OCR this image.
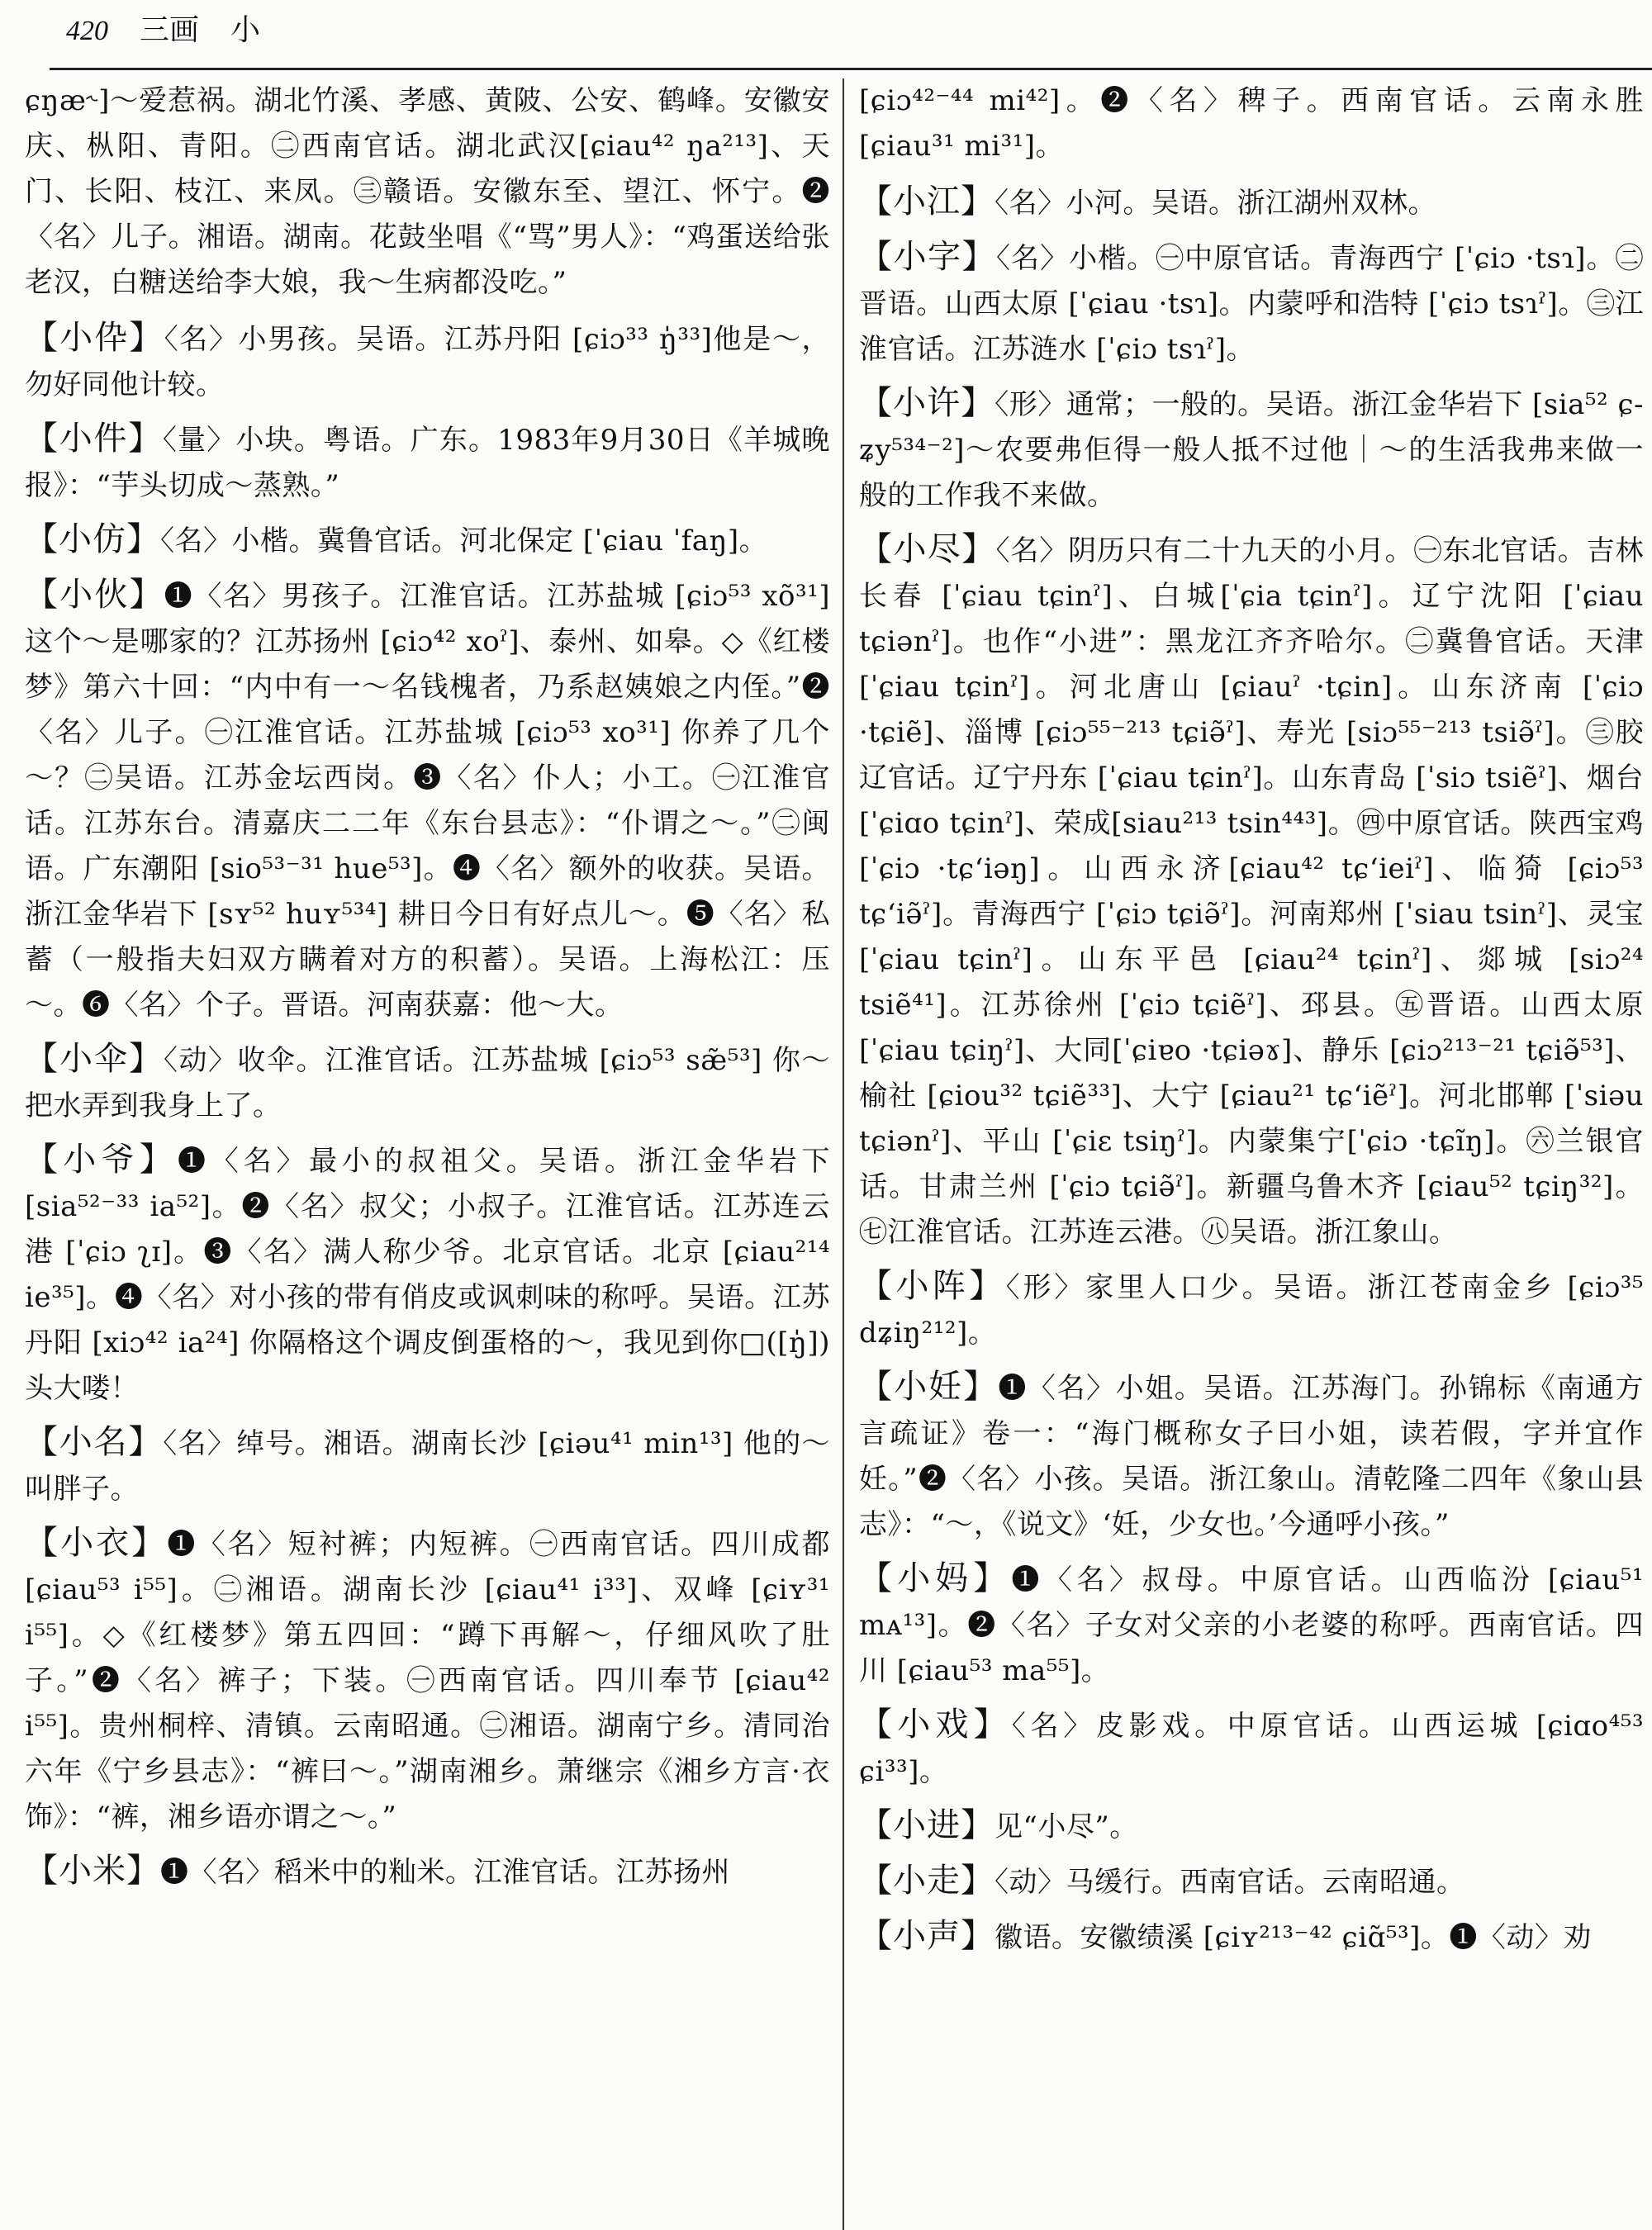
420 三画 小
ɕŋæ˞]～爱惹祸。湖北竹溪、孝感、黄陂、公安、鹤峰。安徽安庆、枞阳、青阳。㊁西南官话。湖北武汉[ɕiau⁴² ŋa²¹³]、天门、长阳、枝江、来凤。㊂赣语。安徽东至、望江、怀宁。❷〈名〉儿子。湘语。湖南。花鼓坐唱《“骂”男人》：“鸡蛋送给张老汉，白糖送给李大娘，我～生病都没吃。”
【小伜】〈名〉小男孩。吴语。江苏丹阳 [ɕiɔ³³ ŋ̍³³]他是～，勿好同他计较。
【小件】〈量〉小块。粤语。广东。1983年9月30日《羊城晚报》：“芋头切成～蒸熟。”
【小仿】〈名〉小楷。冀鲁官话。河北保定 [ˈɕiau ˈfaŋ]。
【小伙】❶〈名〉男孩子。江淮官话。江苏盐城 [ɕiɔ⁵³ xõ³¹] 这个～是哪家的？江苏扬州 [ɕiɔ⁴² xoˀ]、泰州、如皋。◇《红楼梦》第六十回：“内中有一～名钱槐者，乃系赵姨娘之内侄。”❷〈名〉儿子。㊀江淮官话。江苏盐城 [ɕiɔ⁵³ xo³¹] 你养了几个～？㊁吴语。江苏金坛西岗。❸〈名〉仆人；小工。㊀江淮官话。江苏东台。清嘉庆二二年《东台县志》：“仆谓之～。”㊁闽语。广东潮阳 [sio⁵³⁻³¹ hue⁵³]。❹〈名〉额外的收获。吴语。浙江金华岩下 [sʏ⁵² huʏ⁵³⁴] 耕日今日有好点儿～。❺〈名〉私蓄（一般指夫妇双方瞒着对方的积蓄）。吴语。上海松江：压～。❻〈名〉个子。晋语。河南获嘉：他～大。
【小伞】〈动〉收伞。江淮官话。江苏盐城 [ɕiɔ⁵³ sæ̃⁵³] 你～把水弄到我身上了。
【小爷】❶〈名〉最小的叔祖父。吴语。浙江金华岩下 [sia⁵²⁻³³ ia⁵²]。❷〈名〉叔父；小叔子。江淮官话。江苏连云港 [ˈɕiɔ ʅɪ]。❸〈名〉满人称少爷。北京官话。北京 [ɕiau²¹⁴ ie³⁵]。❹〈名〉对小孩的带有俏皮或讽刺味的称呼。吴语。江苏丹阳 [xiɔ⁴² ia²⁴] 你隔格这个调皮倒蛋格的～，我见到你□([ŋ̍])头大喽！
【小名】〈名〉绰号。湘语。湖南长沙 [ɕiəu⁴¹ min¹³] 他的～叫胖子。
【小衣】❶〈名〉短衬裤；内短裤。㊀西南官话。四川成都 [ɕiau⁵³ i⁵⁵]。㊁湘语。湖南长沙 [ɕiau⁴¹ i³³]、双峰 [ɕiʏ³¹ i⁵⁵]。◇《红楼梦》第五四回：“蹲下再解～，仔细风吹了肚子。”❷〈名〉裤子；下装。㊀西南官话。四川奉节 [ɕiau⁴² i⁵⁵]。贵州桐梓、清镇。云南昭通。㊁湘语。湖南宁乡。清同治六年《宁乡县志》：“裤曰～。”湖南湘乡。萧继宗《湘乡方言·衣饰》：“裤，湘乡语亦谓之～。”
【小米】❶〈名〉稻米中的籼米。江淮官话。江苏扬州
[ɕiɔ⁴²⁻⁴⁴ mi⁴²]。❷〈名〉稗子。西南官话。云南永胜 [ɕiau³¹ mi³¹]。
【小江】〈名〉小河。吴语。浙江湖州双林。
【小字】〈名〉小楷。㊀中原官话。青海西宁 [ˈɕiɔ ·tsɿ]。㊁晋语。山西太原 [ˈɕiau ·tsɿ]。内蒙呼和浩特 [ˈɕiɔ tsɿˀ]。㊂江淮官话。江苏涟水 [ˈɕiɔ tsɿˀ]。
【小许】〈形〉通常；一般的。吴语。浙江金华岩下 [sia⁵² ɕ-ʑy⁵³⁴⁻²]～农要弗佢得一般人抵不过他｜～的生活我弗来做一般的工作我不来做。
【小尽】〈名〉阴历只有二十九天的小月。㊀东北官话。吉林长春 [ˈɕiau tɕinˀ]、白城[ˈɕia tɕinˀ]。辽宁沈阳 [ˈɕiau tɕiənˀ]。也作“小进”：黑龙江齐齐哈尔。㊁冀鲁官话。天津 [ˈɕiau tɕinˀ]。河北唐山 [ɕiauˀ ·tɕin]。山东济南 [ˈɕiɔ ·tɕiẽ]、淄博 [ɕiɔ⁵⁵⁻²¹³ tɕiə̃ˀ]、寿光 [siɔ⁵⁵⁻²¹³ tsiə̃ˀ]。㊂胶辽官话。辽宁丹东 [ˈɕiau tɕinˀ]。山东青岛 [ˈsiɔ tsiẽˀ]、烟台 [ˈɕiɑo tɕinˀ]、荣成[siau²¹³ tsin⁴⁴³]。㊃中原官话。陕西宝鸡 [ˈɕiɔ ·tɕʻiəŋ]。山西永济[ɕiau⁴² tɕʻieiˀ]、临猗 [ɕiɔ⁵³ tɕʻiə̃ˀ]。青海西宁 [ˈɕiɔ tɕiə̃ˀ]。河南郑州 [ˈsiau tsinˀ]、灵宝 [ˈɕiau tɕinˀ]。山东平邑 [ɕiau²⁴ tɕinˀ]、郯城 [siɔ²⁴ tsiẽ⁴¹]。江苏徐州 [ˈɕiɔ tɕiẽˀ]、邳县。㊄晋语。山西太原[ˈɕiau tɕiŋˀ]、大同[ˈɕiɐo ·tɕiəɤ]、静乐 [ɕiɔ²¹³⁻²¹ tɕiə̃⁵³]、榆社 [ɕiou³² tɕiẽ³³]、大宁 [ɕiau²¹ tɕʻiẽˀ]。河北邯郸 [ˈsiəu tɕiənˀ]、平山 [ˈɕiɛ tsiŋˀ]。内蒙集宁[ˈɕiɔ ·tɕĩŋ]。㊅兰银官话。甘肃兰州 [ˈɕiɔ tɕiə̃ˀ]。新疆乌鲁木齐 [ɕiau⁵² tɕiŋ³²]。㊆江淮官话。江苏连云港。㊇吴语。浙江象山。
【小阵】〈形〉家里人口少。吴语。浙江苍南金乡 [ɕiɔ³⁵ dʑiŋ²¹²]。
【小妊】❶〈名〉小姐。吴语。江苏海门。孙锦标《南通方言疏证》卷一：“海门概称女子曰小姐，读若假，字并宜作妊。”❷〈名〉小孩。吴语。浙江象山。清乾隆二四年《象山县志》：“～，《说文》‘妊，少女也。’今通呼小孩。”
【小妈】❶〈名〉叔母。中原官话。山西临汾 [ɕiau⁵¹ mᴀ¹³]。❷〈名〉子女对父亲的小老婆的称呼。西南官话。四川 [ɕiau⁵³ ma⁵⁵]。
【小戏】〈名〉皮影戏。中原官话。山西运城 [ɕiɑo⁴⁵³ ɕi³³]。
【小进】见“小尽”。
【小走】〈动〉马缓行。西南官话。云南昭通。
【小声】徽语。安徽绩溪 [ɕiʏ²¹³⁻⁴² ɕiɑ̃⁵³]。❶〈动〉劝
